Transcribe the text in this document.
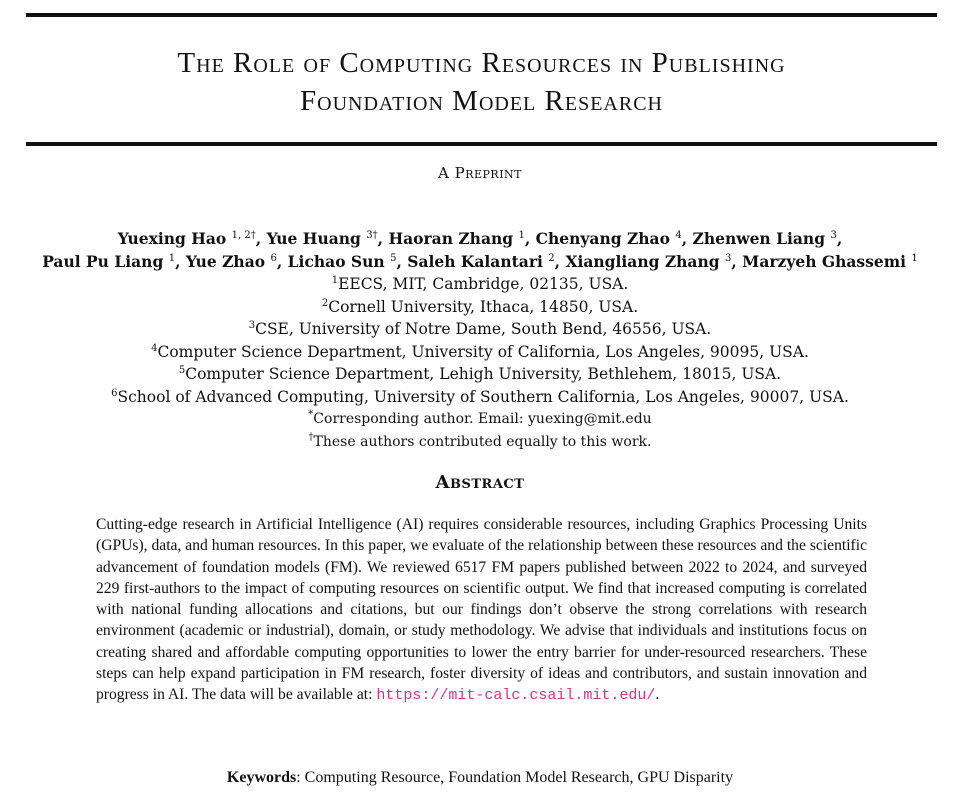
The Role of Computing Resources in Publishing
Foundation Model Research
A Preprint
Yuexing Hao $^{1, 2\dagger}$, Yue Huang $^{3\dagger}$, Haoran Zhang $^1$, Chenyang Zhao $^4$, Zhenwen Liang $^3$,
Paul Pu Liang $^1$, Yue Zhao $^6$, Lichao Sun $^5$, Saleh Kalantari $^2$, Xiangliang Zhang $^3$, Marzyeh Ghassemi $^1$
$^1$EECS, MIT, Cambridge, 02135, USA.
$^2$Cornell University, Ithaca, 14850, USA.
$^3$CSE, University of Notre Dame, South Bend, 46556, USA.
$^4$Computer Science Department, University of California, Los Angeles, 90095, USA.
$^5$Computer Science Department, Lehigh University, Bethlehem, 18015, USA.
$^6$School of Advanced Computing, University of Southern California, Los Angeles, 90007, USA.
*Corresponding author. Email: yuexing@mit.edu
†These authors contributed equally to this work.
Abstract
Cutting-edge research in Artificial Intelligence (AI) requires considerable resources, including Graphics Processing Units (GPUs), data, and human resources. In this paper, we evaluate of the relationship between these resources and the scientific advancement of foundation models (FM). We reviewed 6517 FM papers published between 2022 to 2024, and surveyed 229 first-authors to the impact of computing resources on scientific output. We find that increased computing is correlated with national funding allocations and citations, but our findings don’t observe the strong correlations with research environment (academic or industrial), domain, or study methodology. We advise that individuals and institutions focus on creating shared and affordable computing opportunities to lower the entry barrier for under-resourced researchers. These steps can help expand participation in FM research, foster diversity of ideas and contributors, and sustain innovation and progress in AI. The data will be available at: https://mit-calc.csail.mit.edu/.
Keywords: Computing Resource, Foundation Model Research, GPU Disparity
